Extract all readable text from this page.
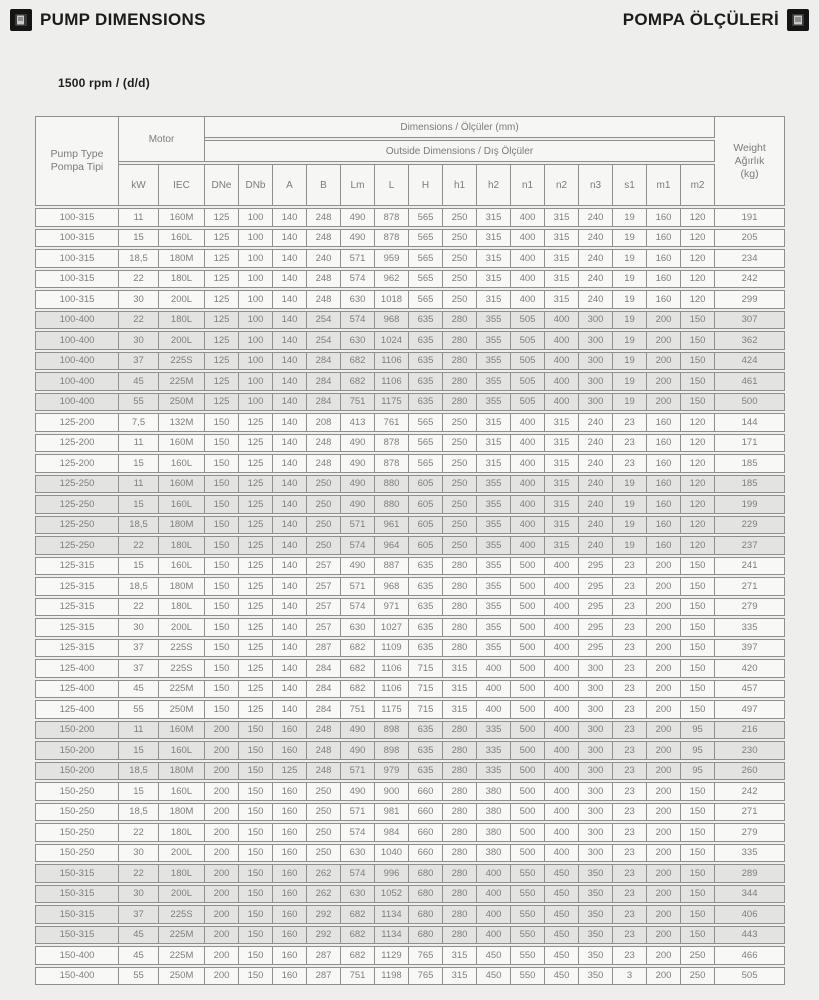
PUMP DIMENSIONS	POMPA ÖLÇÜLERİ
1500 rpm / (d/d)
Pump Type
Pompa Tipi
	Motor	Dimensions / Ölçüler (mm)	
Weight
Ağırlık
(kg)

			Outside Dimensions / Dış Ölçüler															
	kW	IEC	DNe	DNb	A	B	Lm	L	H	h1	h2	n1	n2	n3	s1	m1	m2	
100-315	11	160M	125	100	140	248	490	878	565	250	315	400	315	240	19	160	120	191
100-315	15	160L	125	100	140	248	490	878	565	250	315	400	315	240	19	160	120	205
100-315	18,5	180M	125	100	140	240	571	959	565	250	315	400	315	240	19	160	120	234
100-315	22	180L	125	100	140	248	574	962	565	250	315	400	315	240	19	160	120	242
100-315	30	200L	125	100	140	248	630	1018	565	250	315	400	315	240	19	160	120	299
100-400	22	180L	125	100	140	254	574	968	635	280	355	505	400	300	19	200	150	307
100-400	30	200L	125	100	140	254	630	1024	635	280	355	505	400	300	19	200	150	362
100-400	37	225S	125	100	140	284	682	1106	635	280	355	505	400	300	19	200	150	424
100-400	45	225M	125	100	140	284	682	1106	635	280	355	505	400	300	19	200	150	461
100-400	55	250M	125	100	140	284	751	1175	635	280	355	505	400	300	19	200	150	500
125-200	7,5	132M	150	125	140	208	413	761	565	250	315	400	315	240	23	160	120	144
125-200	11	160M	150	125	140	248	490	878	565	250	315	400	315	240	23	160	120	171
125-200	15	160L	150	125	140	248	490	878	565	250	315	400	315	240	23	160	120	185
125-250	11	160M	150	125	140	250	490	880	605	250	355	400	315	240	19	160	120	185
125-250	15	160L	150	125	140	250	490	880	605	250	355	400	315	240	19	160	120	199
125-250	18,5	180M	150	125	140	250	571	961	605	250	355	400	315	240	19	160	120	229
125-250	22	180L	150	125	140	250	574	964	605	250	355	400	315	240	19	160	120	237
125-315	15	160L	150	125	140	257	490	887	635	280	355	500	400	295	23	200	150	241
125-315	18,5	180M	150	125	140	257	571	968	635	280	355	500	400	295	23	200	150	271
125-315	22	180L	150	125	140	257	574	971	635	280	355	500	400	295	23	200	150	279
125-315	30	200L	150	125	140	257	630	1027	635	280	355	500	400	295	23	200	150	335
125-315	37	225S	150	125	140	287	682	1109	635	280	355	500	400	295	23	200	150	397
125-400	37	225S	150	125	140	284	682	1106	715	315	400	500	400	300	23	200	150	420
125-400	45	225M	150	125	140	284	682	1106	715	315	400	500	400	300	23	200	150	457
125-400	55	250M	150	125	140	284	751	1175	715	315	400	500	400	300	23	200	150	497
150-200	11	160M	200	150	160	248	490	898	635	280	335	500	400	300	23	200	95	216
150-200	15	160L	200	150	160	248	490	898	635	280	335	500	400	300	23	200	95	230
150-200	18,5	180M	200	150	125	248	571	979	635	280	335	500	400	300	23	200	95	260
150-250	15	160L	200	150	160	250	490	900	660	280	380	500	400	300	23	200	150	242
150-250	18,5	180M	200	150	160	250	571	981	660	280	380	500	400	300	23	200	150	271
150-250	22	180L	200	150	160	250	574	984	660	280	380	500	400	300	23	200	150	279
150-250	30	200L	200	150	160	250	630	1040	660	280	380	500	400	300	23	200	150	335
150-315	22	180L	200	150	160	262	574	996	680	280	400	550	450	350	23	200	150	289
150-315	30	200L	200	150	160	262	630	1052	680	280	400	550	450	350	23	200	150	344
150-315	37	225S	200	150	160	292	682	1134	680	280	400	550	450	350	23	200	150	406
150-315	45	225M	200	150	160	292	682	1134	680	280	400	550	450	350	23	200	150	443
150-400	45	225M	200	150	160	287	682	1129	765	315	450	550	450	350	23	200	250	466
150-400	55	250M	200	150	160	287	751	1198	765	315	450	550	450	350	3	200	250	505
